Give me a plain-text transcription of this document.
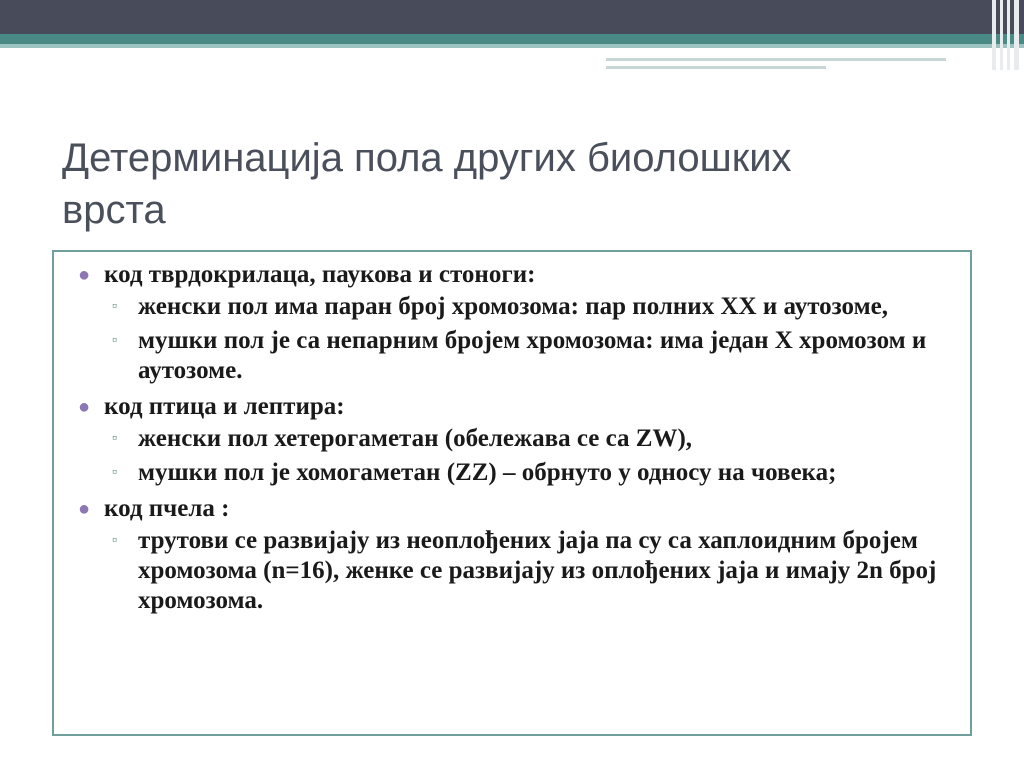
Детерминација пола других биолошких врста
● код тврдокрилаца, паукова и стоноги:
▫ женски пол има паран број хромозома: пар полних ХХ и аутозоме,
▫ мушки пол је са непарним бројем хромозома: има један Х хромозом и аутозоме.
● код птица и лептира:
▫ женски пол хетерогаметан (обележава се са ZW),
▫ мушки пол је хомогаметан (ZZ) – обрнуто у односу на човека;
● код пчела :
▫ трутови се развијају из неоплођених јаја па су са хаплоидним бројем хромозома (n=16), женке се развијају из оплођених јаја и имају 2n број хромозома.
